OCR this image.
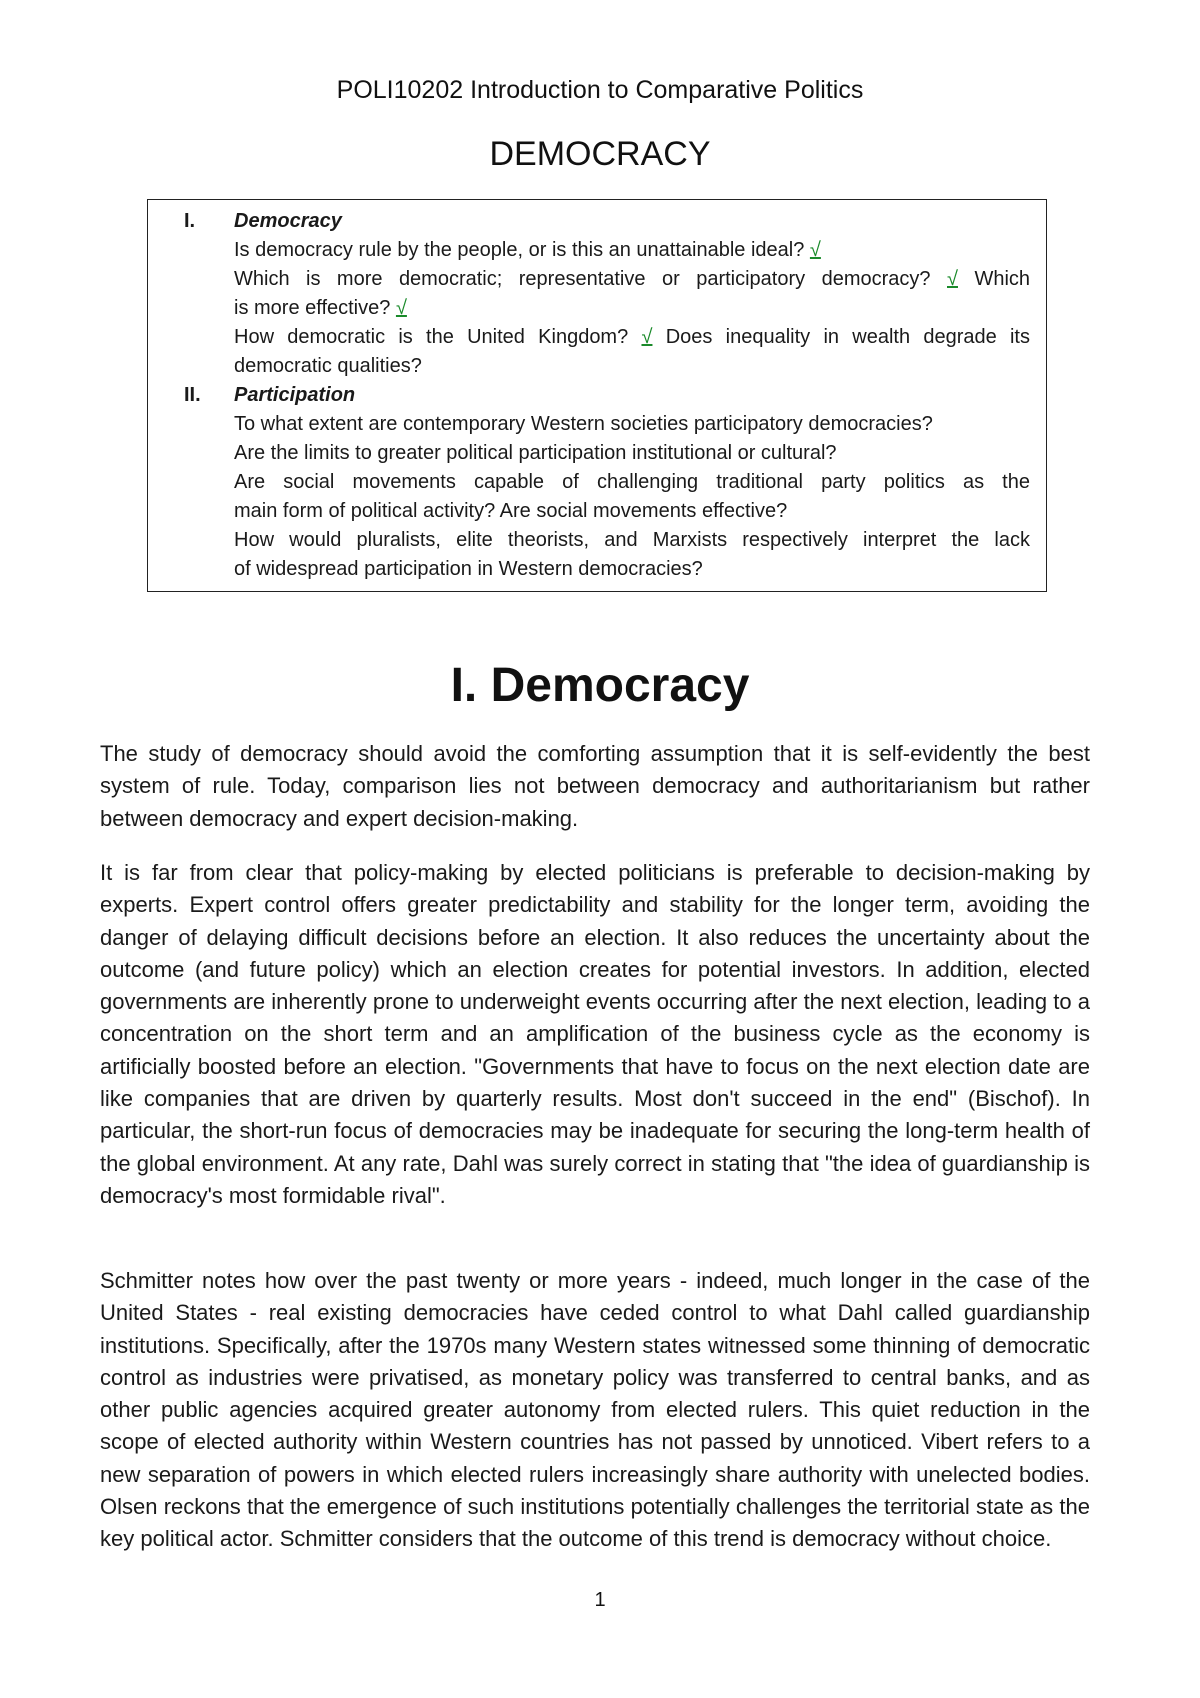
POLI10202 Introduction to Comparative Politics
DEMOCRACY
I. Democracy
Is democracy rule by the people, or is this an unattainable ideal? √
Which is more democratic; representative or participatory democracy? √ Which
is more effective? √
How democratic is the United Kingdom? √ Does inequality in wealth degrade its
democratic qualities?
II. Participation
To what extent are contemporary Western societies participatory democracies?
Are the limits to greater political participation institutional or cultural?
Are social movements capable of challenging traditional party politics as the
main form of political activity? Are social movements effective?
How would pluralists, elite theorists, and Marxists respectively interpret the lack
of widespread participation in Western democracies?
I. Democracy

The study of democracy should avoid the comforting assumption that it is self-evidently the best system of rule. Today, comparison lies not between democracy and authoritarianism but rather between democracy and expert decision-making.

It is far from clear that policy-making by elected politicians is preferable to decision-making by experts. Expert control offers greater predictability and stability for the longer term, avoiding the danger of delaying difficult decisions before an election. It also reduces the uncertainty about the outcome (and future policy) which an election creates for potential investors. In addition, elected governments are inherently prone to underweight events occurring after the next election, leading to a concentration on the short term and an amplification of the business cycle as the economy is artificially boosted before an election. "Governments that have to focus on the next election date are like companies that are driven by quarterly results. Most don't succeed in the end" (Bischof). In particular, the short-run focus of democracies may be inadequate for securing the long-term health of the global environment. At any rate, Dahl was surely correct in stating that "the idea of guardianship is democracy's most formidable rival".

Schmitter notes how over the past twenty or more years - indeed, much longer in the case of the United States - real existing democracies have ceded control to what Dahl called guardianship institutions. Specifically, after the 1970s many Western states witnessed some thinning of democratic control as industries were privatised, as monetary policy was transferred to central banks, and as other public agencies acquired greater autonomy from elected rulers. This quiet reduction in the scope of elected authority within Western countries has not passed by unnoticed. Vibert refers to a new separation of powers in which elected rulers increasingly share authority with unelected bodies. Olsen reckons that the emergence of such institutions potentially challenges the territorial state as the key political actor. Schmitter considers that the outcome of this trend is democracy without choice.

1
